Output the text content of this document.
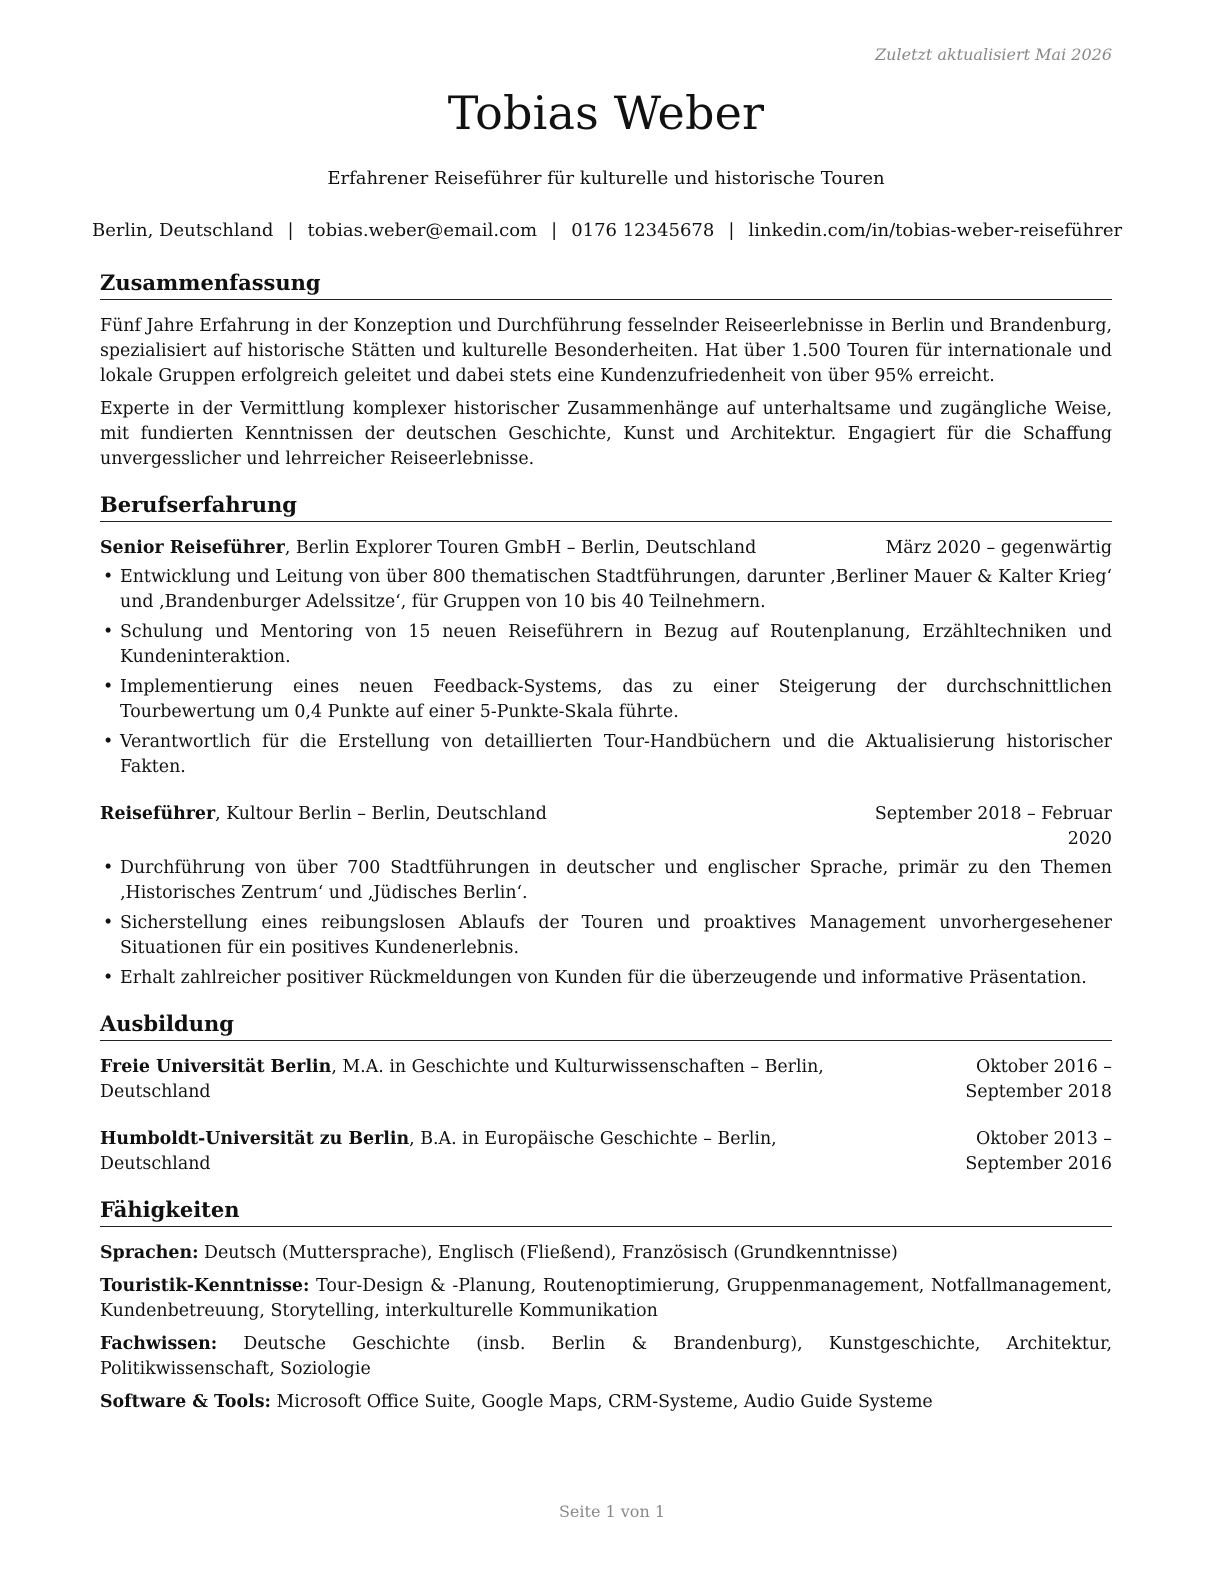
Zuletzt aktualisiert Mai 2026
Tobias Weber
Erfahrener Reiseführer für kulturelle und historische Touren
Berlin, Deutschland | tobias.weber@email.com | 0176 12345678 | linkedin.com/in/tobias-weber-reiseführer
Zusammenfassung

Fünf Jahre Erfahrung in der Konzeption und Durchführung fesselnder Reiseerlebnisse in Berlin und Brandenburg, spezialisiert auf historische Stätten und kulturelle Besonderheiten. Hat über 1.500 Touren für internationale und lokale Gruppen erfolgreich geleitet und dabei stets eine Kundenzufriedenheit von über 95% erreicht.

Experte in der Vermittlung komplexer historischer Zusammenhänge auf unterhaltsame und zugängliche Weise, mit fundierten Kenntnissen der deutschen Geschichte, Kunst und Architektur. Engagiert für die Schaffung unvergesslicher und lehrreicher Reiseerlebnisse.

Berufserfahrung
Senior Reiseführer, Berlin Explorer Touren GmbH – Berlin, Deutschland	März 2020 – gegenwärtig
• Entwicklung und Leitung von über 800 thematischen Stadtführungen, darunter ‚Berliner Mauer & Kalter Krieg‘ und ‚Brandenburger Adelssitze‘, für Gruppen von 10 bis 40 Teilnehmern.
• Schulung und Mentoring von 15 neuen Reiseführern in Bezug auf Routenplanung, Erzähltechniken und Kundeninteraktion.
• Implementierung eines neuen Feedback-Systems, das zu einer Steigerung der durchschnittlichen Tourbewertung um 0,4 Punkte auf einer 5-Punkte-Skala führte.
• Verantwortlich für die Erstellung von detaillierten Tour-Handbüchern und die Aktualisierung historischer Fakten.
Reiseführer, Kultour Berlin – Berlin, Deutschland	September 2018 – Februar 2020
• Durchführung von über 700 Stadtführungen in deutscher und englischer Sprache, primär zu den Themen ‚Historisches Zentrum‘ und ‚Jüdisches Berlin‘.
• Sicherstellung eines reibungslosen Ablaufs der Touren und proaktives Management unvorhergesehener Situationen für ein positives Kundenerlebnis.
• Erhalt zahlreicher positiver Rückmeldungen von Kunden für die überzeugende und informative Präsentation.
Ausbildung
Freie Universität Berlin, M.A. in Geschichte und Kulturwissenschaften – Berlin, Deutschland
Oktober 2016 – September 2018
Humboldt-Universität zu Berlin, B.A. in Europäische Geschichte – Berlin, Deutschland
Oktober 2013 – September 2016
Fähigkeiten

Sprachen: Deutsch (Muttersprache), Englisch (Fließend), Französisch (Grundkenntnisse)

Touristik-Kenntnisse: Tour-Design & -Planung, Routenoptimierung, Gruppenmanagement, Notfallmanagement, Kundenbetreuung, Storytelling, interkulturelle Kommunikation

Fachwissen: Deutsche Geschichte (insb. Berlin & Brandenburg), Kunstgeschichte, Architektur, Politikwissenschaft, Soziologie

Software & Tools: Microsoft Office Suite, Google Maps, CRM-Systeme, Audio Guide Systeme

Seite 1 von 1
